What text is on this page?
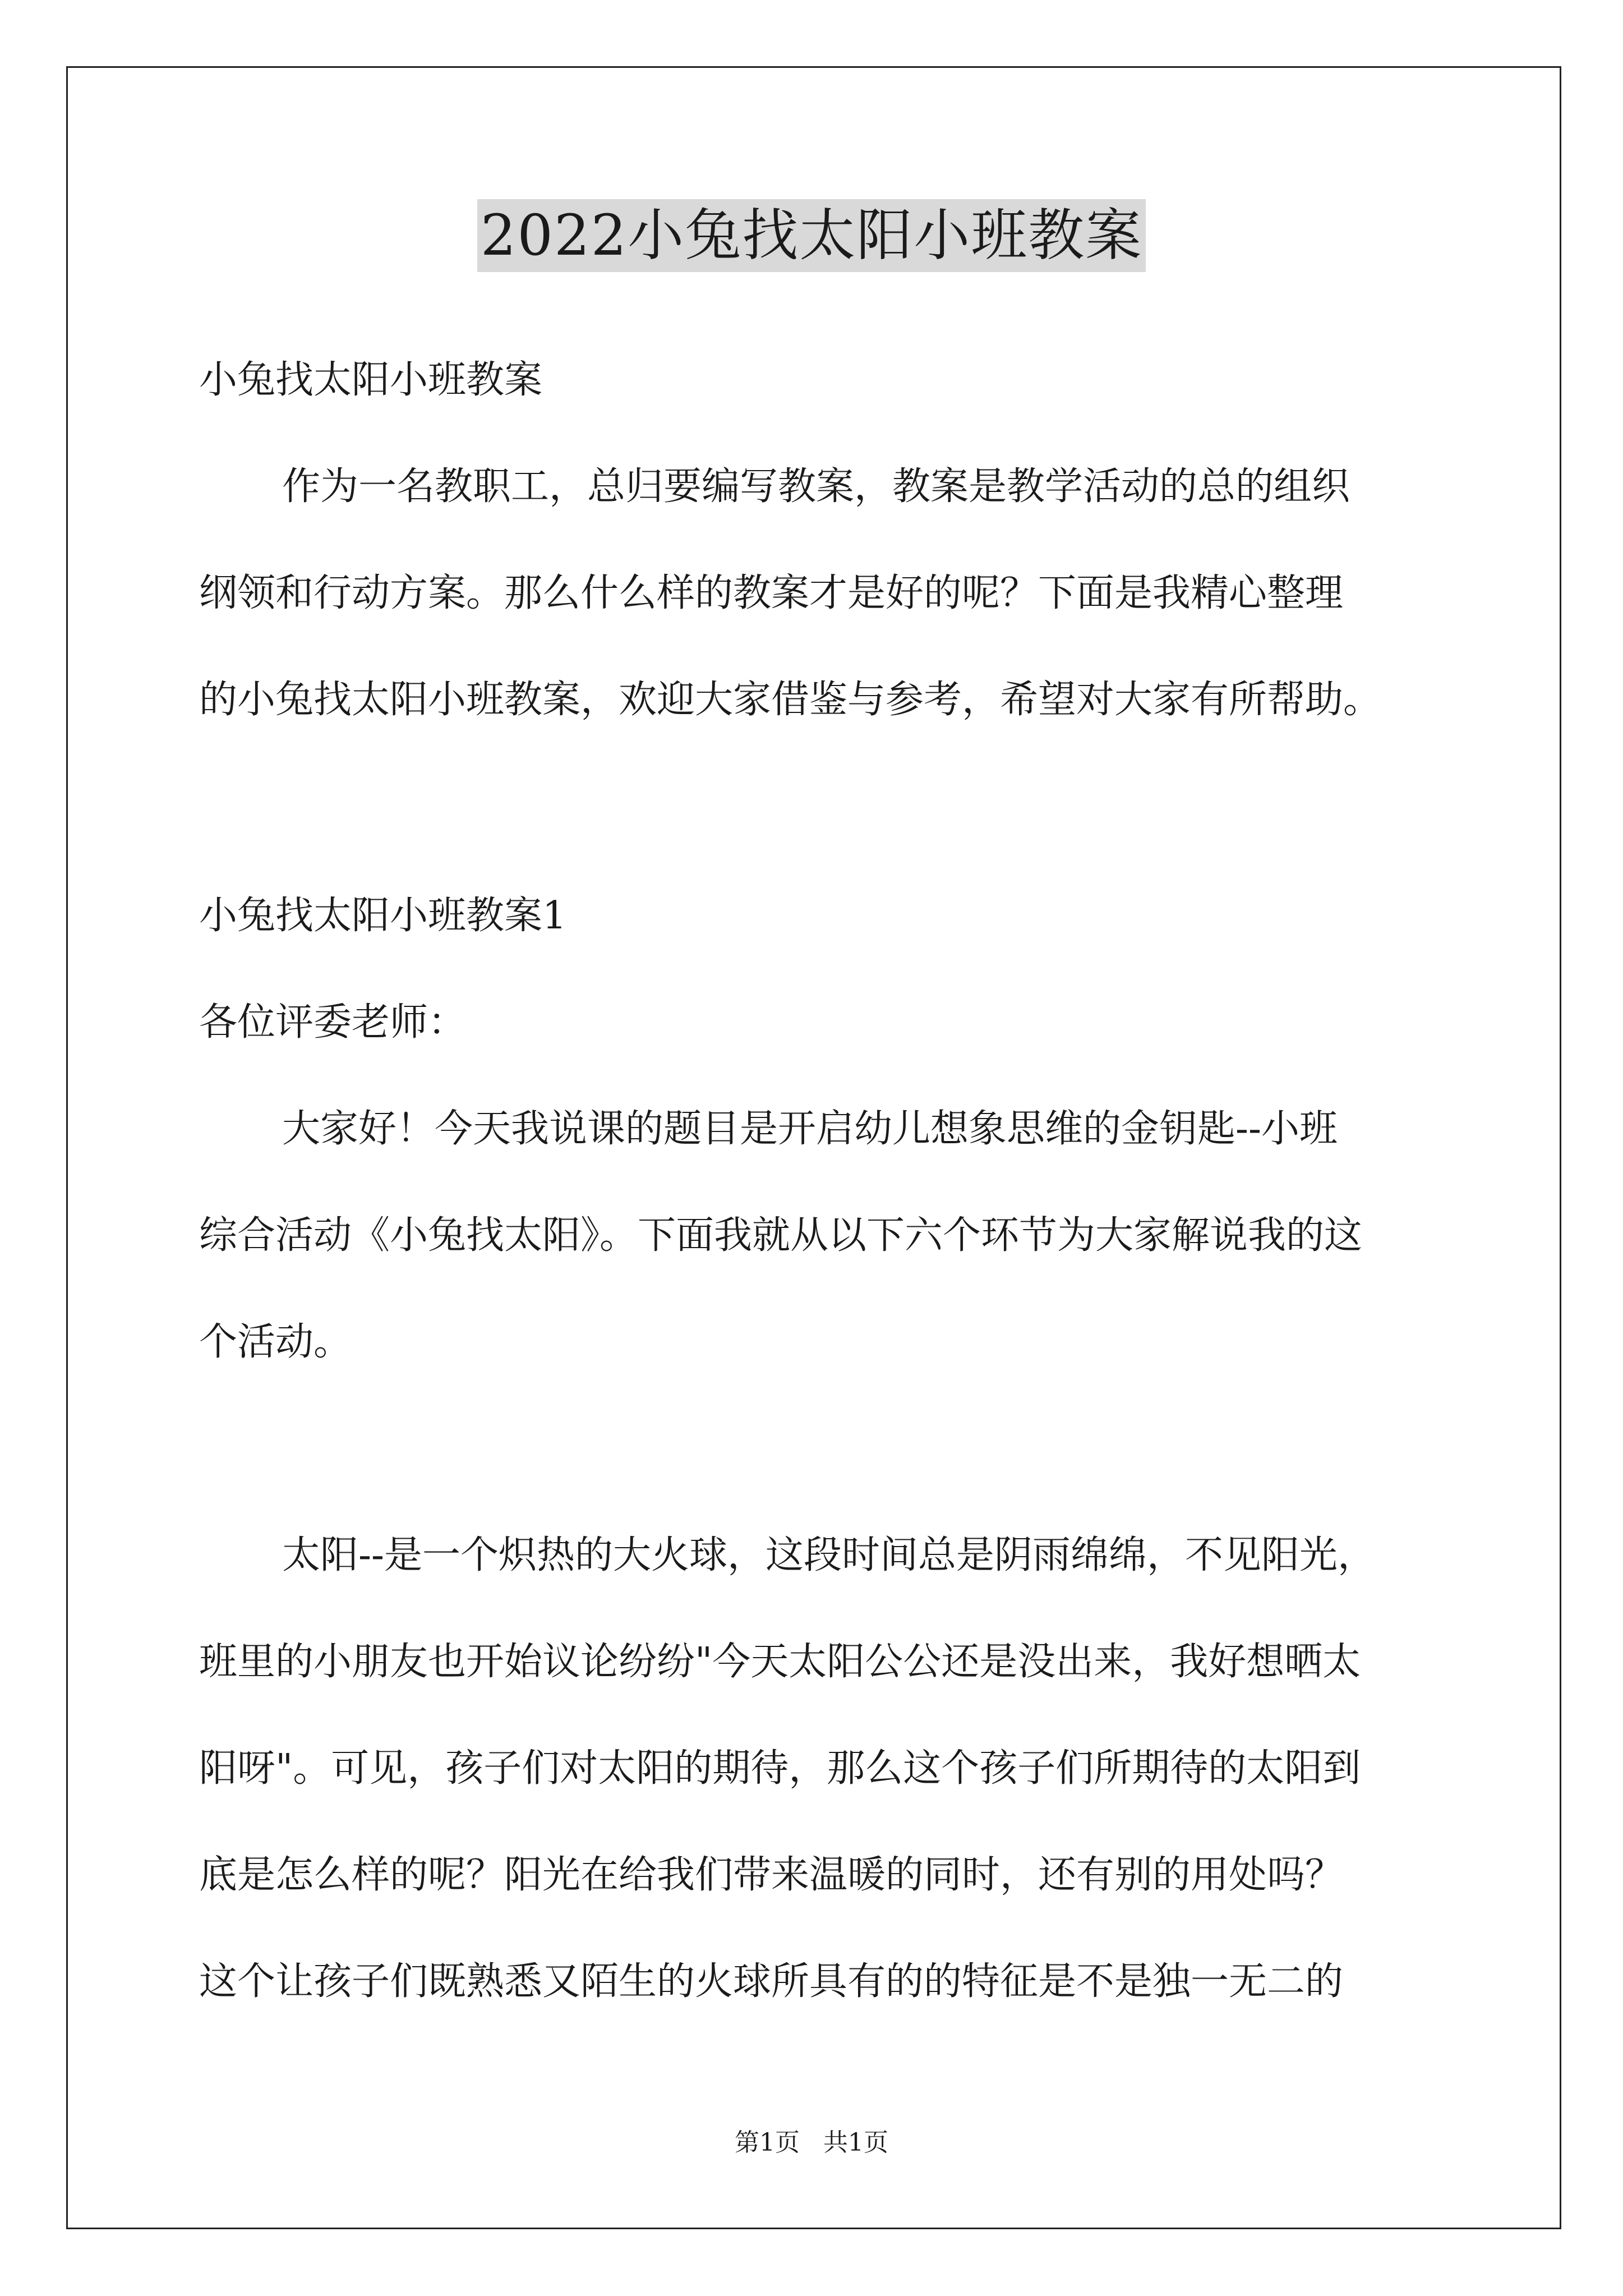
2022小兔找太阳小班教案
小兔找太阳小班教案
作为一名教职工，总归要编写教案，教案是教学活动的总的组织
纲领和行动方案。那么什么样的教案才是好的呢？下面是我精心整理
的小兔找太阳小班教案，欢迎大家借鉴与参考，希望对大家有所帮助。
小兔找太阳小班教案1
各位评委老师：
大家好！今天我说课的题目是开启幼儿想象思维的金钥匙--小班
综合活动《小兔找太阳》。下面我就从以下六个环节为大家解说我的这
个活动。
太阳--是一个炽热的大火球，这段时间总是阴雨绵绵，不见阳光，
班里的小朋友也开始议论纷纷"今天太阳公公还是没出来，我好想晒太
阳呀"。可见，孩子们对太阳的期待，那么这个孩子们所期待的太阳到
底是怎么样的呢？阳光在给我们带来温暖的同时，还有别的用处吗？
这个让孩子们既熟悉又陌生的火球所具有的的特征是不是独一无二的
第1页 共1页
